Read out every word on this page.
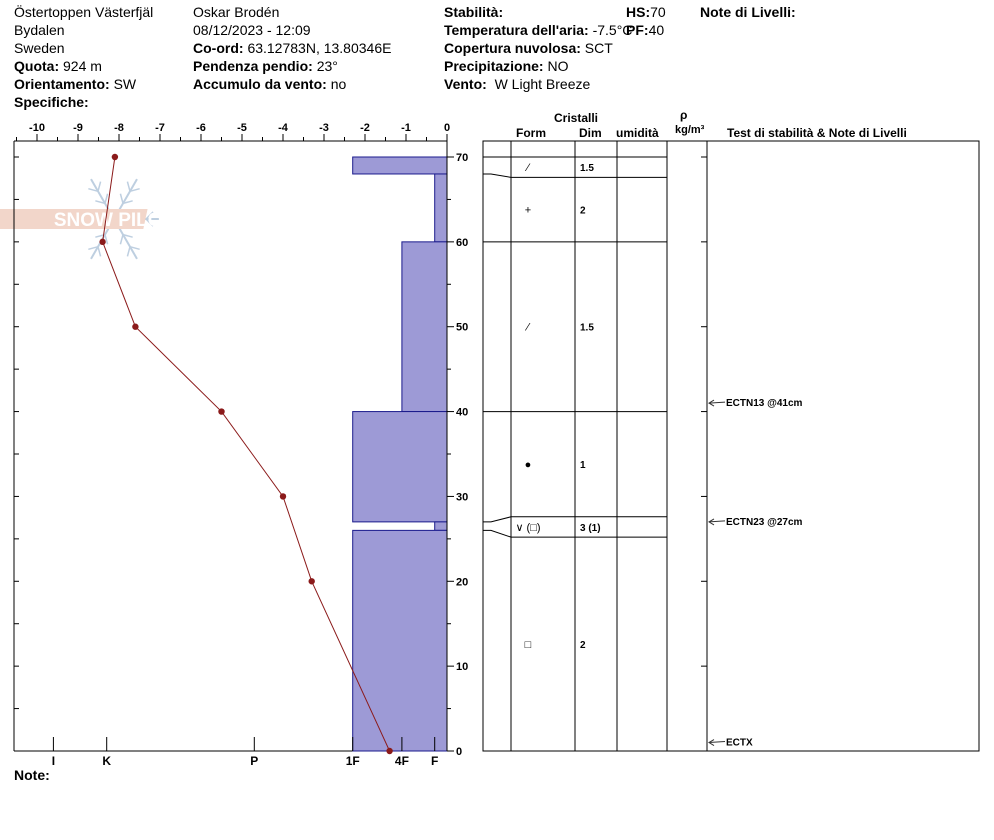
Östertoppen Västerfjäl
Bydalen
Sweden
Quota: 924 m
Orientamento: SW
Specifiche:
Oskar Brodén
08/12/2023 - 12:09
Co-ord: 63.12783N, 13.80346E
Pendenza pendio: 23°
Accumulo da vento: no
Stabilità:
Temperatura dell'aria: -7.5°C
Copertura nuvolosa: SCT
Precipitazione: NO
Vento: W Light Breeze
HS:70
PF:40
Note di Livelli:
Note:
Cristalli
Form	Dim umidità
ρ
kg/m³ Test di stabilità & Note di Livelli
SNOW PILOT
-10	-9	-8	-7	-6	-5	-4	-3	-2	-1	0
I	K	P	1F	4F F
0
10
20
30
40
50
60
70
⁄	1.5
+	2
⁄	1.5
●	1
∨ (□)	3 (1)
□	2
ECTN13 @41cm
ECTN23 @27cm
ECTX
